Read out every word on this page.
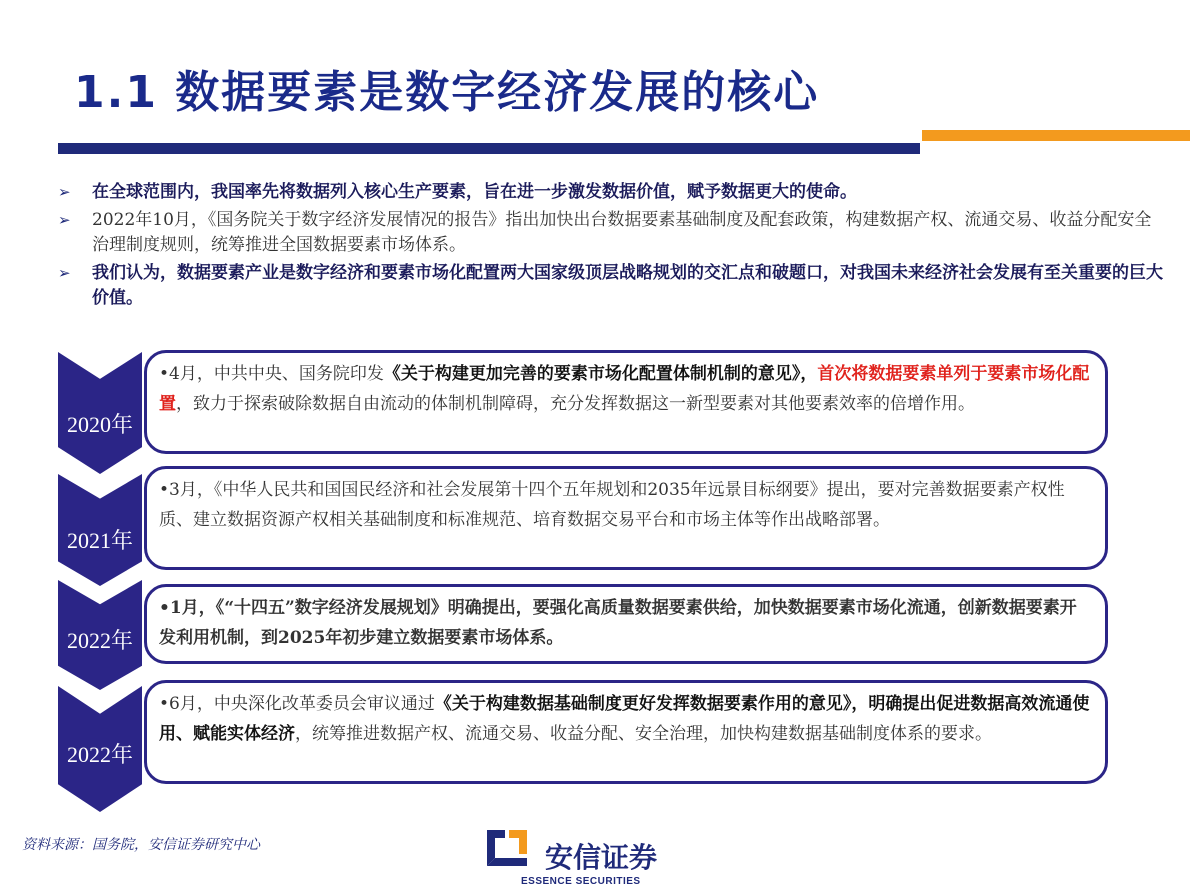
1.1 数据要素是数字经济发展的核心
➢ 在全球范围内，我国率先将数据列入核心生产要素，旨在进一步激发数据价值，赋予数据更大的使命。
➢ 2022年10月，《国务院关于数字经济发展情况的报告》指出加快出台数据要素基础制度及配套政策，构建数据产权、流通交易、收益分配安全治理制度规则，统筹推进全国数据要素市场体系。
➢ 我们认为，数据要素产业是数字经济和要素市场化配置两大国家级顶层战略规划的交汇点和破题口，对我国未来经济社会发展有至关重要的巨大价值。
2020年
•4月，中共中央、国务院印发《关于构建更加完善的要素市场化配置体制机制的意见》，首次将数据要素单列于要素市场化配置，致力于探索破除数据自由流动的体制机制障碍，充分发挥数据这一新型要素对其他要素效率的倍增作用。
2021年
•3月，《中华人民共和国国民经济和社会发展第十四个五年规划和2035年远景目标纲要》提出，要对完善数据要素产权性质、建立数据资源产权相关基础制度和标准规范、培育数据交易平台和市场主体等作出战略部署。
2022年
•1月，《“十四五”数字经济发展规划》明确提出，要强化高质量数据要素供给，加快数据要素市场化流通，创新数据要素开发利用机制，到2025年初步建立数据要素市场体系。
2022年
•6月，中央深化改革委员会审议通过《关于构建数据基础制度更好发挥数据要素作用的意见》，明确提出促进数据高效流通使用、赋能实体经济，统筹推进数据产权、流通交易、收益分配、安全治理，加快构建数据基础制度体系的要求。
资料来源：国务院，安信证券研究中心	安信证券
ESSENCE SECURITIES
